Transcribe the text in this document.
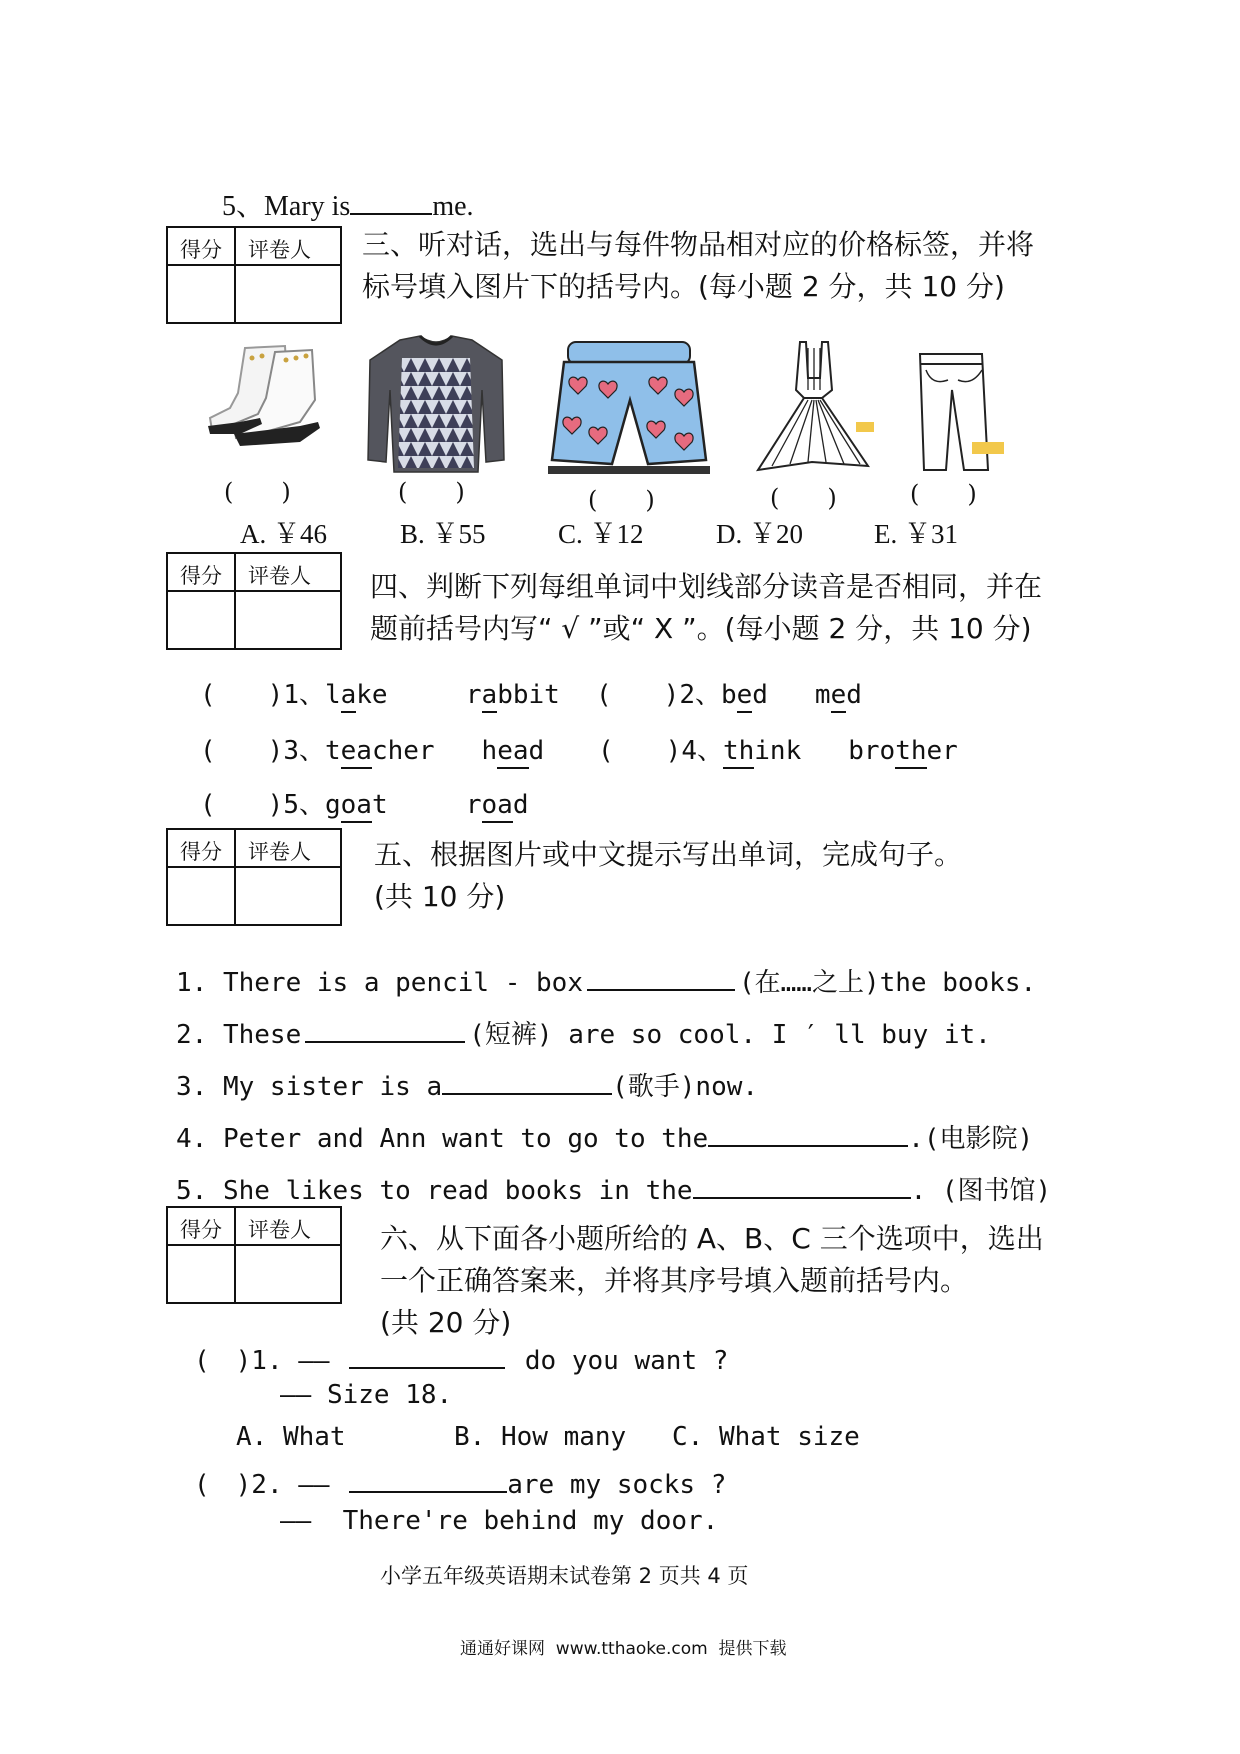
5、Mary is	me.
得分 评卷人 三、听对话，选出与每件物品相对应的价格标签，并将
标号填入图片下的括号内。(每小题 2 分，共 10 分)
(　　)	(　　)	(　　)	(　　)	(　　)
A. ￥46	B. ￥55	C. ￥12	D. ￥20	E. ￥31
得分 评卷人 四、判断下列每组单词中划线部分读音是否相同，并在
题前括号内写“ √ ”或“ X ”。(每小题 2 分，共 10 分)
(　　)1、lake	rabbit (　　)2、bed med
(　　)3、teacher head (　　)4、think brother
(　　)5、goat	road
得分 评卷人 五、根据图片或中文提示写出单词，完成句子。
(共 10 分)
1. There is a pencil - box	(在……之上)the books.
2. These	(短裤) are so cool. I ′ ll buy it.
3. My sister is a	(歌手)now.
4. Peter and Ann want to go to the	.(电影院)
5. She likes to read books in the	. (图书馆)
得分 评卷人 六、从下面各小题所给的 A、B、C 三个选项中，选出
一个正确答案来，并将其序号填入题前括号内。
(共 20 分)
(　)1. ——	do you want ?
—— Size 18.
A. What	B. How many C. What size
(　)2. ——	are my socks ?
—— There're behind my door.
小学五年级英语期末试卷第 2 页共 4 页
通通好课网  www.tthaoke.com  提供下载
